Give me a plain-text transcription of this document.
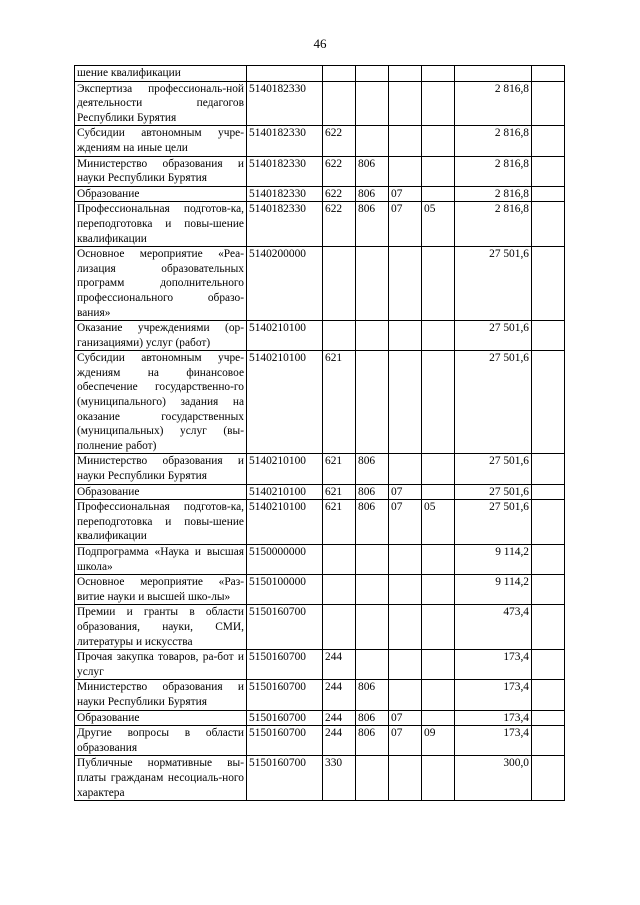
46
шение квалификации							
Экспертиза профессиональ-ной деятельности педагогов Республики Бурятия	5140182330					2 816,8	
Субсидии автономным учре-ждениям на иные цели	5140182330	622				2 816,8	
Министерство образования и науки Республики Бурятия	5140182330	622	806			2 816,8	
Образование	5140182330	622	806	07		2 816,8	
Профессиональная подготов-ка, переподготовка и повы-шение квалификации	5140182330	622	806	07	05	2 816,8	
Основное мероприятие «Реа-лизация образовательных программ дополнительного профессионального образо-вания»	5140200000					27 501,6	
Оказание учреждениями (ор-ганизациями) услуг (работ)	5140210100					27 501,6	
Субсидии автономным учре-ждениям на финансовое обеспечение государственно-го (муниципального) задания на оказание государственных (муниципальных) услуг (вы-полнение работ)	5140210100	621				27 501,6	
Министерство образования и науки Республики Бурятия	5140210100	621	806			27 501,6	
Образование	5140210100	621	806	07		27 501,6	
Профессиональная подготов-ка, переподготовка и повы-шение квалификации	5140210100	621	806	07	05	27 501,6	
Подпрограмма «Наука и высшая школа»	5150000000					9 114,2	
Основное мероприятие «Раз-витие науки и высшей шко-лы»	5150100000					9 114,2	
Премии и гранты в области образования, науки, СМИ, литературы и искусства	5150160700					473,4	
Прочая закупка товаров, ра-бот и услуг	5150160700	244				173,4	
Министерство образования и науки Республики Бурятия	5150160700	244	806			173,4	
Образование	5150160700	244	806	07		173,4	
Другие вопросы в области образования	5150160700	244	806	07	09	173,4	
Публичные нормативные вы-платы гражданам несоциаль-ного характера	5150160700	330				300,0	
